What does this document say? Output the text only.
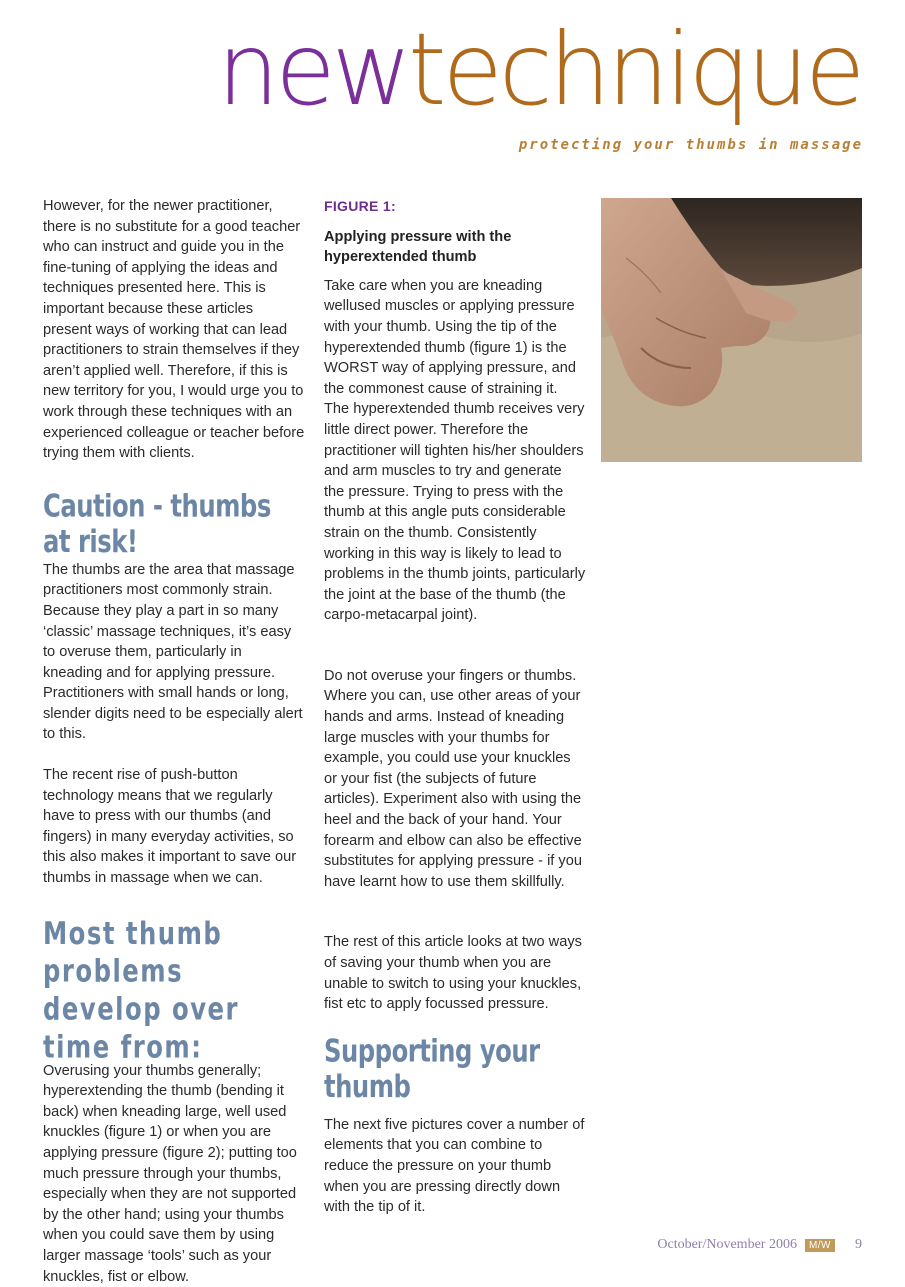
newtechnique
protecting your thumbs in massage

However, for the newer practitioner, there is no substitute for a good teacher who can instruct and guide you in the fine-tuning of applying the ideas and techniques presented here. This is important because these articles present ways of working that can lead practitioners to strain themselves if they aren’t applied well. Therefore, if this is new territory for you, I would urge you to work through these techniques with an experienced colleague or teacher before trying them with clients.

Caution - thumbs at risk!

The thumbs are the area that massage practitioners most commonly strain. Because they play a part in so many ‘classic’ massage techniques, it’s easy to overuse them, particularly in kneading and for applying pressure. Practitioners with small hands or long, slender digits need to be especially alert to this.

The recent rise of push-button technology means that we regularly have to press with our thumbs (and fingers) in many everyday activities, so this also makes it important to save our thumbs in massage when we can.

Most thumb problems
develop over time from:

Overusing your thumbs generally; hyperextending the thumb (bending it back) when kneading large, well used knuckles (figure 1) or when you are applying pressure (figure 2); putting too much pressure through your thumbs, especially when they are not supported by the other hand; using your thumbs when you could save them by using larger massage ‘tools’ such as your knuckles, fist or elbow.

FIGURE 1:

Applying pressure with the hyperextended thumb

Take care when you are kneading wellused muscles or applying pressure with your thumb. Using the tip of the hyperextended thumb (figure 1) is the WORST way of applying pressure, and the commonest cause of straining it. The hyperextended thumb receives very little direct power. Therefore the practitioner will tighten his/her shoulders and arm muscles to try and generate the pressure. Trying to press with the thumb at this angle puts considerable strain on the thumb. Consistently working in this way is likely to lead to problems in the thumb joints, particularly the joint at the base of the thumb (the carpo-metacarpal joint).

Do not overuse your fingers or thumbs. Where you can, use other areas of your hands and arms. Instead of kneading large muscles with your thumbs for example, you could use your knuckles or your fist (the subjects of future articles). Experiment also with using the heel and the back of your hand. Your forearm and elbow can also be effective substitutes for applying pressure - if you have learnt how to use them skillfully.

The rest of this article looks at two ways of saving your thumb when you are unable to switch to using your knuckles, fist etc to apply focussed pressure.

Supporting your thumb

The next five pictures cover a number of elements that you can combine to reduce the pressure on your thumb when you are pressing directly down with the tip of it.

October/November 2006	M/W 9
